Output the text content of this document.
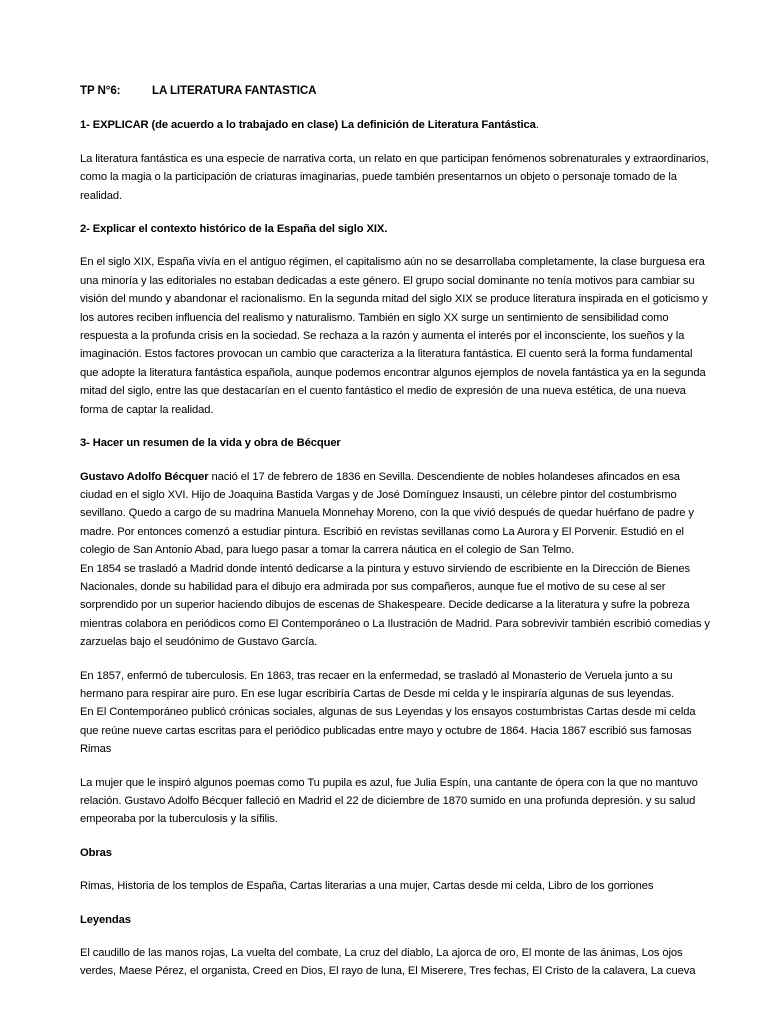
TP N°6:	LA LITERATURA FANTASTICA
1- EXPLICAR (de acuerdo a lo trabajado en clase) La definición de Literatura Fantástica.

La literatura fantástica es una especie de narrativa corta, un relato en que participan fenómenos sobrenaturales y extraordinarios, como la magia o la participación de criaturas imaginarias, puede también presentarnos un objeto o personaje tomado de la realidad.

2- Explicar el contexto histórico de la España del siglo XIX.

En el siglo XIX, España vivía en el antiguo régimen, el capitalismo aún no se desarrollaba completamente, la clase burguesa era una minoría y las editoriales no estaban dedicadas a este género. El grupo social dominante no tenía motivos para cambiar su visión del mundo y abandonar el racionalismo. En la segunda mitad del siglo XIX se produce literatura inspirada en el goticismo y los autores reciben influencia del realismo y naturalismo. También en siglo XX surge un sentimiento de sensibilidad como respuesta a la profunda crisis en la sociedad. Se rechaza a la razón y aumenta el interés por el inconsciente, los sueños y la imaginación. Estos factores provocan un cambio que caracteriza a la literatura fantástica. El cuento será la forma fundamental que adopte la literatura fantástica española, aunque podemos encontrar algunos ejemplos de novela fantástica ya en la segunda mitad del siglo, entre las que destacarían en el cuento fantástico el medio de expresión de una nueva estética, de una nueva forma de captar la realidad.

3- Hacer un resumen de la vida y obra de Bécquer

Gustavo Adolfo Bécquer nació el 17 de febrero de 1836 en Sevilla. Descendiente de nobles holandeses afincados en esa ciudad en el siglo XVI. Hijo de Joaquina Bastida Vargas y de José Domínguez Insausti, un célebre pintor del costumbrismo sevillano. Quedo a cargo de su madrina Manuela Monnehay Moreno, con la que vivió después de quedar huérfano de padre y madre. Por entonces comenzó a estudiar pintura. Escribió en revistas sevillanas como La Aurora y El Porvenir. Estudió en el colegio de San Antonio Abad, para luego pasar a tomar la carrera náutica en el colegio de San Telmo.
En 1854 se trasladó a Madrid donde intentó dedicarse a la pintura y estuvo sirviendo de escribiente en la Dirección de Bienes Nacionales, donde su habilidad para el dibujo era admirada por sus compañeros, aunque fue el motivo de su cese al ser sorprendido por un superior haciendo dibujos de escenas de Shakespeare. Decide dedicarse a la literatura y sufre la pobreza mientras colabora en periódicos como El Contemporáneo o La Ilustración de Madrid. Para sobrevivir también escribió comedias y zarzuelas bajo el seudónimo de Gustavo García.

En 1857, enfermó de tuberculosis. En 1863, tras recaer en la enfermedad, se trasladó al Monasterio de Veruela junto a su hermano para respirar aire puro. En ese lugar escribiría Cartas de Desde mi celda y le inspiraría algunas de sus leyendas.
En El Contemporáneo publicó crónicas sociales, algunas de sus Leyendas y los ensayos costumbristas Cartas desde mi celda que reúne nueve cartas escritas para el periódico publicadas entre mayo y octubre de 1864. Hacia 1867 escribió sus famosas Rimas

La mujer que le inspiró algunos poemas como Tu pupila es azul, fue Julia Espín, una cantante de ópera con la que no mantuvo relación. Gustavo Adolfo Bécquer falleció en Madrid el 22 de diciembre de 1870 sumido en una profunda depresión. y su salud empeoraba por la tuberculosis y la sífilis.

Obras

Rimas, Historia de los templos de España, Cartas literarias a una mujer, Cartas desde mi celda, Libro de los gorriones

Leyendas

El caudillo de las manos rojas, La vuelta del combate, La cruz del diablo, La ajorca de oro, El monte de las ánimas, Los ojos verdes, Maese Pérez, el organista, Creed en Dios, El rayo de luna, El Miserere, Tres fechas, El Cristo de la calavera, La cueva
